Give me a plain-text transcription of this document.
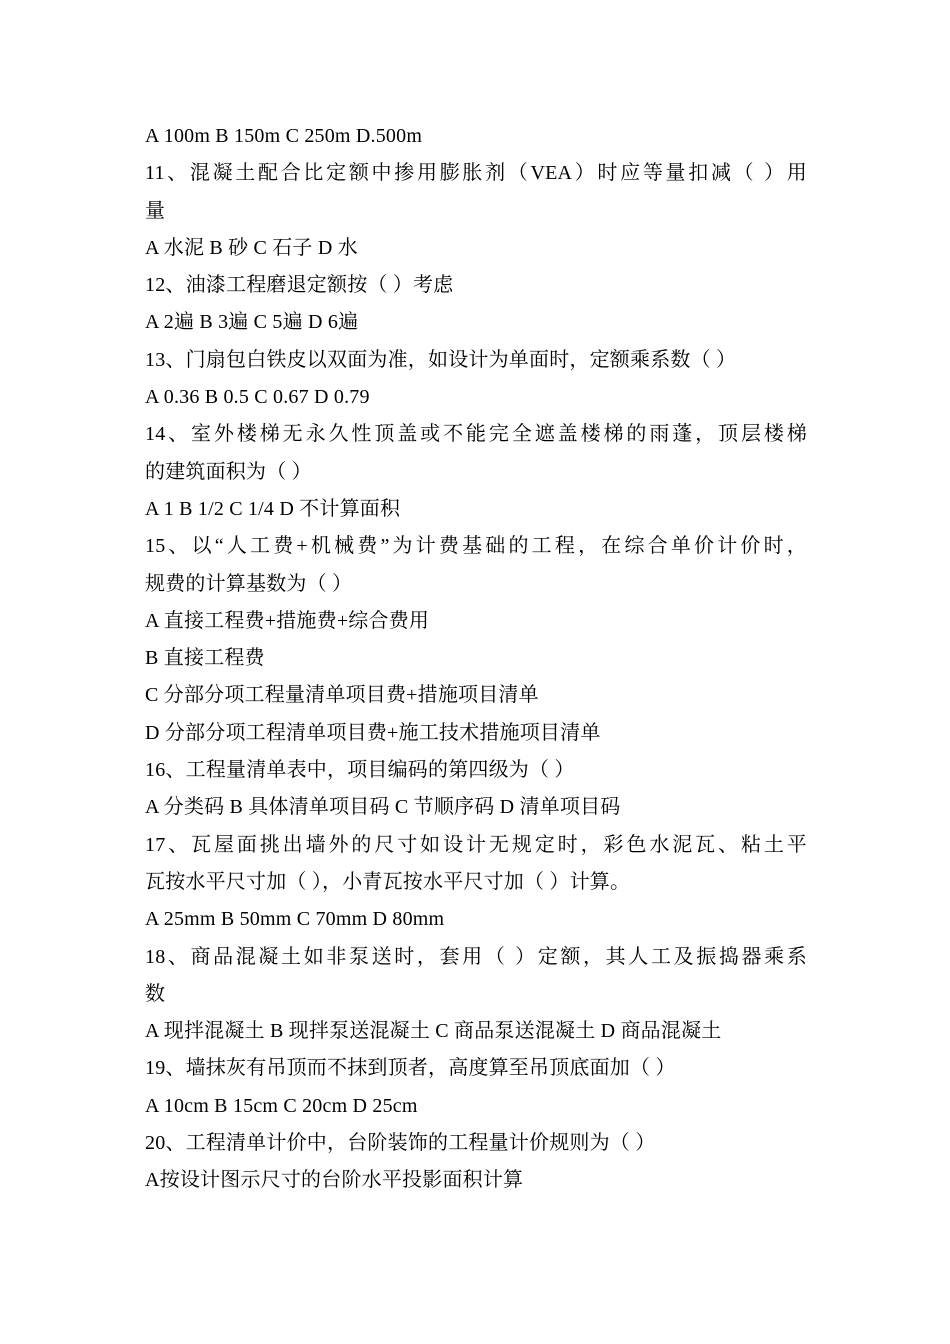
A 100m B 150m C 250m D.500m
11、混凝土配合比定额中掺用膨胀剂（VEA）时应等量扣减（ ）用
量
A 水泥 B 砂 C 石子 D 水
12、油漆工程磨退定额按（ ）考虑
A 2遍 B 3遍 C 5遍 D 6遍
13、门扇包白铁皮以双面为准，如设计为单面时，定额乘系数（ ）
A 0.36 B 0.5 C 0.67 D 0.79
14、室外楼梯无永久性顶盖或不能完全遮盖楼梯的雨蓬，顶层楼梯
的建筑面积为（ ）
A 1 B 1/2 C 1/4 D 不计算面积
15、以“人工费+机械费”为计费基础的工程，在综合单价计价时，
规费的计算基数为（ ）
A 直接工程费+措施费+综合费用
B 直接工程费
C 分部分项工程量清单项目费+措施项目清单
D 分部分项工程清单项目费+施工技术措施项目清单
16、工程量清单表中，项目编码的第四级为（ ）
A 分类码 B 具体清单项目码 C 节顺序码 D 清单项目码
17、瓦屋面挑出墙外的尺寸如设计无规定时，彩色水泥瓦、粘土平
瓦按水平尺寸加（ ），小青瓦按水平尺寸加（ ）计算。
A 25mm B 50mm C 70mm D 80mm
18、商品混凝土如非泵送时，套用（ ）定额，其人工及振捣器乘系
数
A 现拌混凝土 B 现拌泵送混凝土 C 商品泵送混凝土 D 商品混凝土
19、墙抹灰有吊顶而不抹到顶者，高度算至吊顶底面加（ ）
A 10cm B 15cm C 20cm D 25cm
20、工程清单计价中，台阶装饰的工程量计价规则为（ ）
A按设计图示尺寸的台阶水平投影面积计算
